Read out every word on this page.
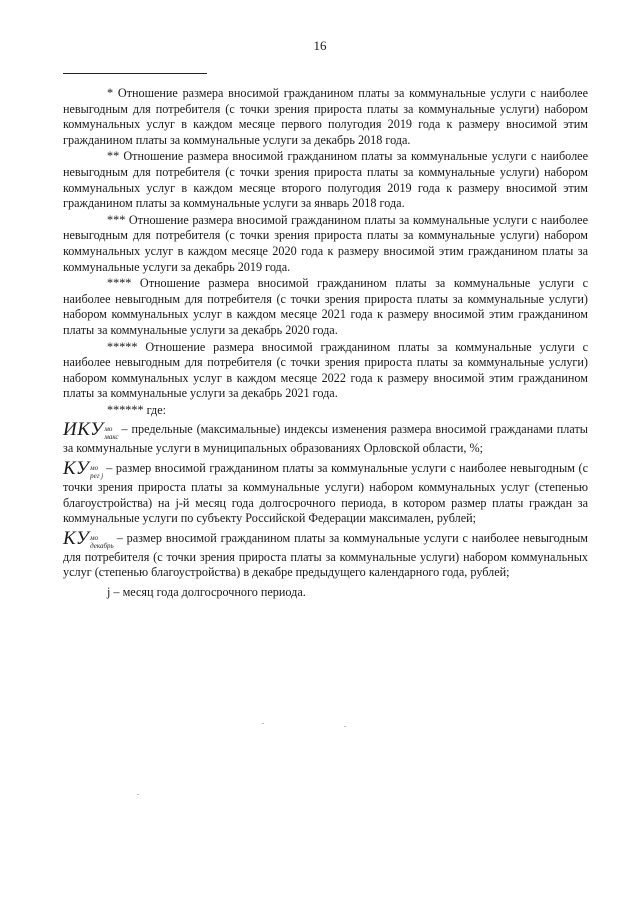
16

* Отношение размера вносимой гражданином платы за коммунальные услуги с наиболее невыгодным для потребителя (с точки зрения прироста платы за коммунальные услуги) набором коммунальных услуг в каждом месяце первого полугодия 2019 года к размеру вносимой этим гражданином платы за коммунальные услуги за декабрь 2018 года.

** Отношение размера вносимой гражданином платы за коммунальные услуги с наиболее невыгодным для потребителя (с точки зрения прироста платы за коммунальные услуги) набором коммунальных услуг в каждом месяце второго полугодия 2019 года к размеру вносимой этим гражданином платы за коммунальные услуги за январь 2018 года.

*** Отношение размера вносимой гражданином платы за коммунальные услуги с наиболее невыгодным для потребителя (с точки зрения прироста платы за коммунальные услуги) набором коммунальных услуг в каждом месяце 2020 года к размеру вносимой этим гражданином платы за коммунальные услуги за декабрь 2019 года.

**** Отношение размера вносимой гражданином платы за коммунальные услуги с наиболее невыгодным для потребителя (с точки зрения прироста платы за коммунальные услуги) набором коммунальных услуг в каждом месяце 2021 года к размеру вносимой этим гражданином платы за коммунальные услуги за декабрь 2020 года.

***** Отношение размера вносимой гражданином платы за коммунальные услуги с наиболее невыгодным для потребителя (с точки зрения прироста платы за коммунальные услуги) набором коммунальных услуг в каждом месяце 2022 года к размеру вносимой этим гражданином платы за коммунальные услуги за декабрь 2021 года.

****** где:

ИКУ мо
макс
– предельные (максимальные) индексы изменения размера вносимой гражданами платы за коммунальные услуги в муниципальных образованиях Орловской области, %;

КУ мо
рег j
– размер вносимой гражданином платы за коммунальные услуги с наиболее невыгодным (с точки зрения прироста платы за коммунальные услуги) набором коммунальных услуг (степенью благоустройства) на j-й месяц года долгосрочного периода, в котором размер платы граждан за коммунальные услуги по субъекту Российской Федерации максимален, рублей;

КУ мо
декабрь
– размер вносимой гражданином платы за коммунальные услуги с наиболее невыгодным для потребителя (с точки зрения прироста платы за коммунальные услуги) набором коммунальных услуг (степенью благоустройства) в декабре предыдущего календарного года, рублей;

j – месяц года долгосрочного периода.
